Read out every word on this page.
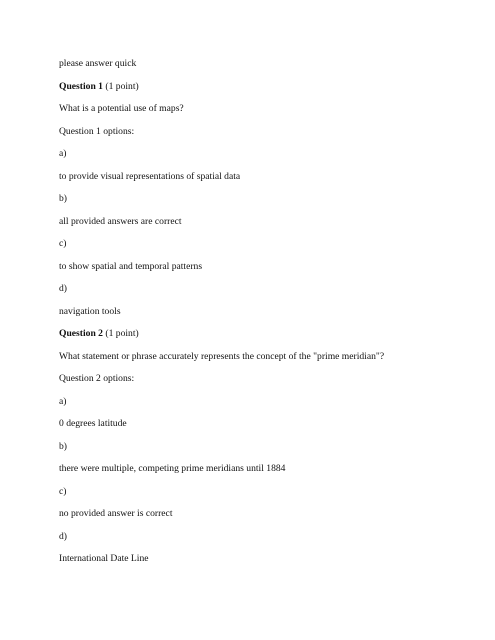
please answer quick

Question 1 (1 point)

What is a potential use of maps?

Question 1 options:

a)

to provide visual representations of spatial data

b)

all provided answers are correct

c)

to show spatial and temporal patterns

d)

navigation tools

Question 2 (1 point)

What statement or phrase accurately represents the concept of the "prime meridian"?

Question 2 options:

a)

0 degrees latitude

b)

there were multiple, competing prime meridians until 1884

c)

no provided answer is correct

d)

International Date Line
